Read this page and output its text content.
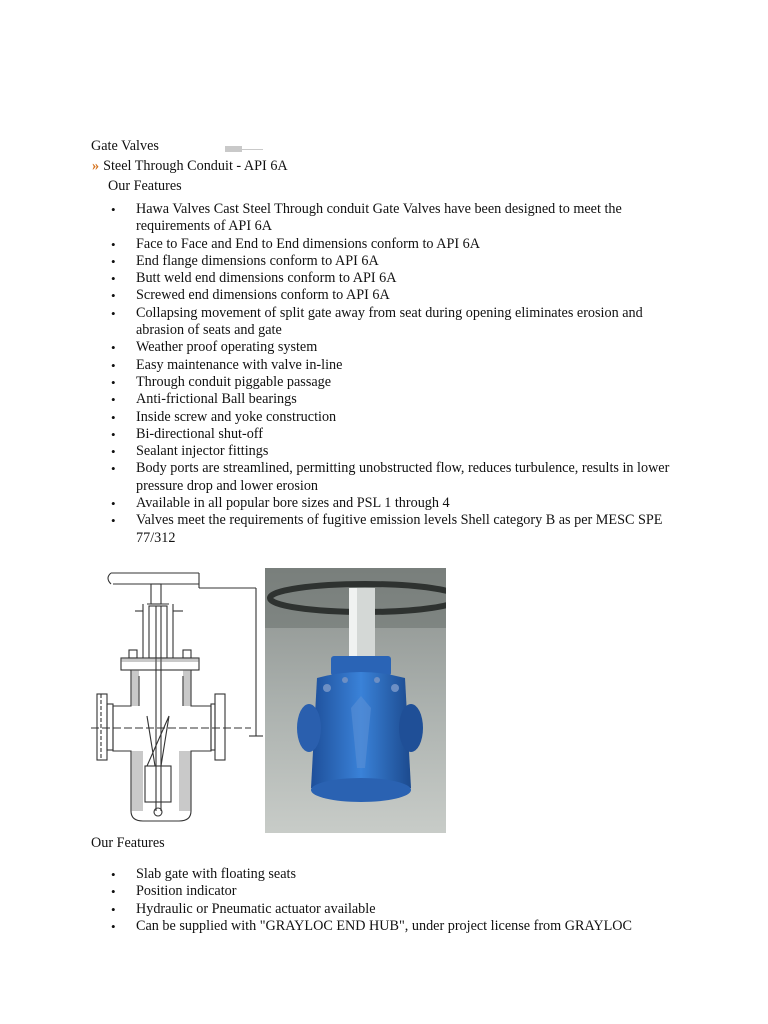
Gate Valves
» Steel Through Conduit - API 6A
Our Features
• Hawa Valves Cast Steel Through conduit Gate Valves have been designed to meet the requirements of API 6A
• Face to Face and End to End dimensions conform to API 6A
• End flange dimensions conform to API 6A
• Butt weld end dimensions conform to API 6A
• Screwed end dimensions conform to API 6A
• Collapsing movement of split gate away from seat during opening eliminates erosion and abrasion of seats and gate
• Weather proof operating system
• Easy maintenance with valve in-line
• Through conduit piggable passage
• Anti-frictional Ball bearings
• Inside screw and yoke construction
• Bi-directional shut-off
• Sealant injector fittings
• Body ports are streamlined, permitting unobstructed flow, reduces turbulence, results in lower pressure drop and lower erosion
• Available in all popular bore sizes and PSL 1 through 4
• Valves meet the requirements of fugitive emission levels Shell category B as per MESC SPE 77/312
Our Features
• Slab gate with floating seats
• Position indicator
• Hydraulic or Pneumatic actuator available
• Can be supplied with "GRAYLOC END HUB", under project license from GRAYLOC
